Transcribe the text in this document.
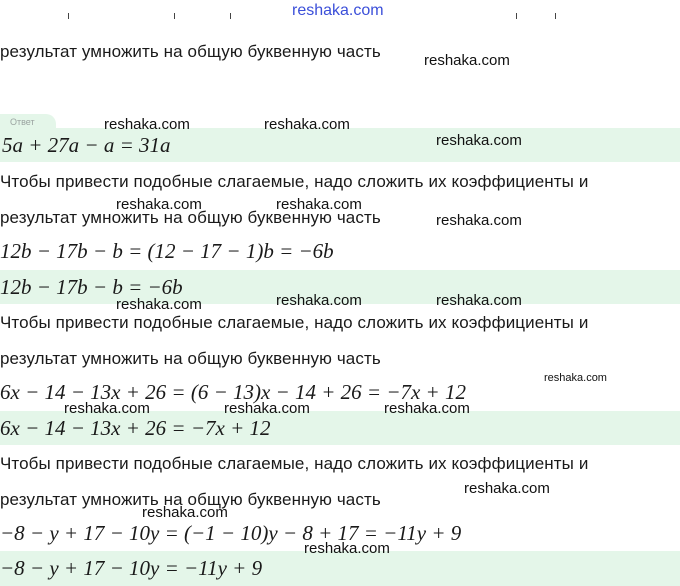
reshaka.com
результат умножить на общую буквенную часть	reshaka.com
Ответ
5a + 27a − a = 31a
reshaka.com	reshaka.com
reshaka.com
Чтобы привести подобные слагаемые, надо сложить их коэффициенты и
результат умножить на общую буквенную часть
reshaka.com	reshaka.com
reshaka.com
12b − 17b − b = (12 − 17 − 1)b = −6b
12b − 17b − b = −6b
reshaka.com	reshaka.com	reshaka.com
Чтобы привести подобные слагаемые, надо сложить их коэффициенты и
результат умножить на общую буквенную часть
6x − 14 − 13x + 26 = (6 − 13)x − 14 + 26 = −7x + 12
reshaka.com
6x − 14 − 13x + 26 = −7x + 12
reshaka.com	reshaka.com	reshaka.com
Чтобы привести подобные слагаемые, надо сложить их коэффициенты и
результат умножить на общую буквенную часть
reshaka.com
−8 − y + 17 − 10y = (−1 − 10)y − 8 + 17 = −11y + 9
reshaka.com
−8 − y + 17 − 10y = −11y + 9
reshaka.com
